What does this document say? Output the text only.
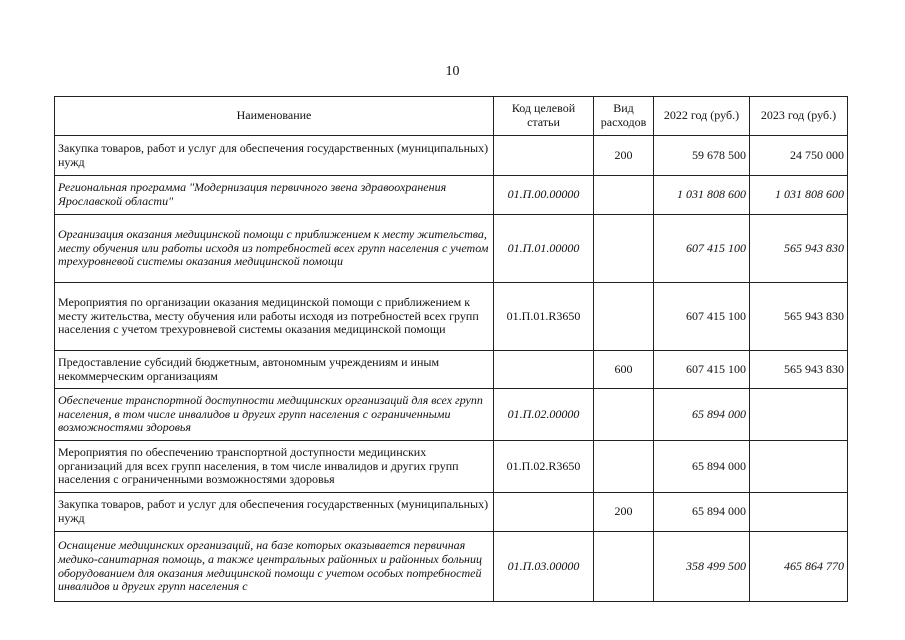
10
Наименование	Код целевой статьи	Вид расходов	2022 год (руб.)	2023 год (руб.)
Закупка товаров, работ и услуг для обеспечения государственных (муниципальных) нужд		200	59 678 500	24 750 000
Региональная программа "Модернизация первичного звена здравоохранения Ярославской области"	01.П.00.00000		1 031 808 600	1 031 808 600
Организация оказания медицинской помощи с приближением к месту жительства, месту обучения или работы исходя из потребностей всех групп населения с учетом трехуровневой системы оказания медицинской помощи	01.П.01.00000		607 415 100	565 943 830
Мероприятия по организации оказания медицинской помощи с приближением к месту жительства, месту обучения или работы исходя из потребностей всех групп населения с учетом трехуровневой системы оказания медицинской помощи	01.П.01.R3650		607 415 100	565 943 830
Предоставление субсидий бюджетным, автономным учреждениям и иным некоммерческим организациям		600	607 415 100	565 943 830
Обеспечение транспортной доступности медицинских организаций для всех групп населения, в том числе инвалидов и других групп населения с ограниченными возможностями здоровья	01.П.02.00000		65 894 000	
Мероприятия по обеспечению транспортной доступности медицинских организаций для всех групп населения, в том числе инвалидов и других групп населения с ограниченными возможностями здоровья	01.П.02.R3650		65 894 000	
Закупка товаров, работ и услуг для обеспечения государственных (муниципальных) нужд		200	65 894 000	
Оснащение медицинских организаций, на базе которых оказывается первичная медико-санитарная помощь, а также центральных районных и районных больниц оборудованием для оказания медицинской помощи с учетом особых потребностей инвалидов и других групп населения с	01.П.03.00000		358 499 500	465 864 770
